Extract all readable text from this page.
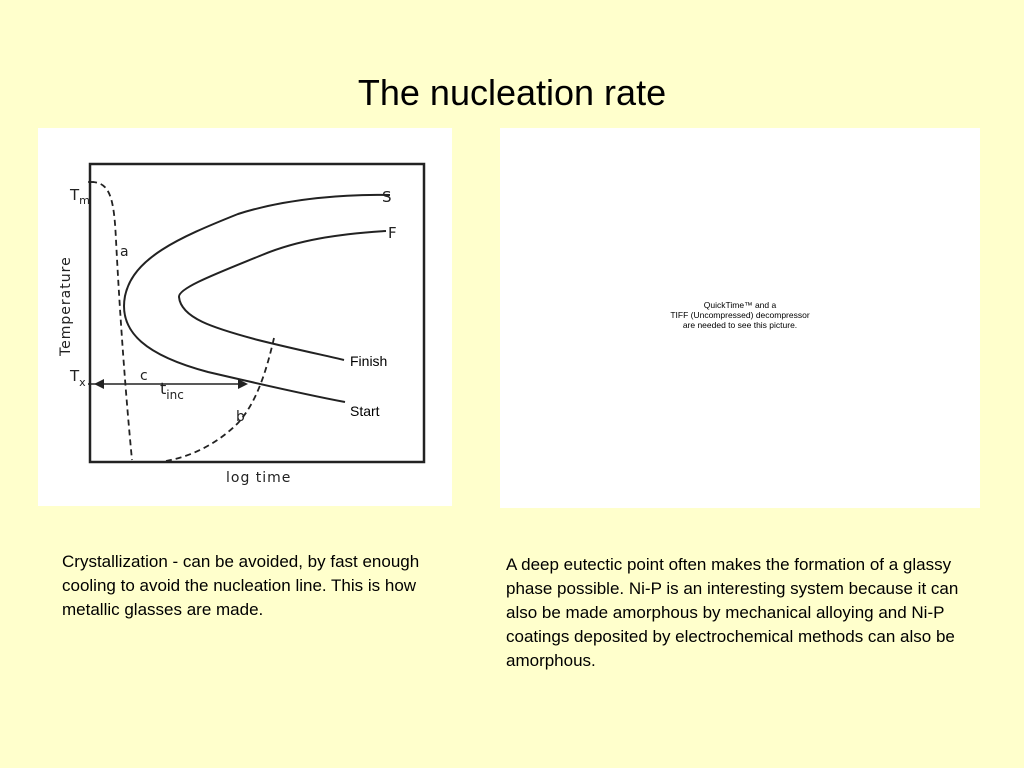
The nucleation rate
$T_m$
$T_x$
Temperature
log time
S
F
a
b
c
$t_{inc}$
Finish
Start
QuickTime™ and a
TIFF (Uncompressed) decompressor
are needed to see this picture.
Crystallization - can be avoided, by fast enough cooling to avoid the nucleation line. This is how metallic glasses are made.
A deep eutectic point often makes the formation of a glassy phase possible. Ni-P is an interesting system because it can also be made amorphous by mechanical alloying and Ni-P coatings deposited by electrochemical methods can also be amorphous.
